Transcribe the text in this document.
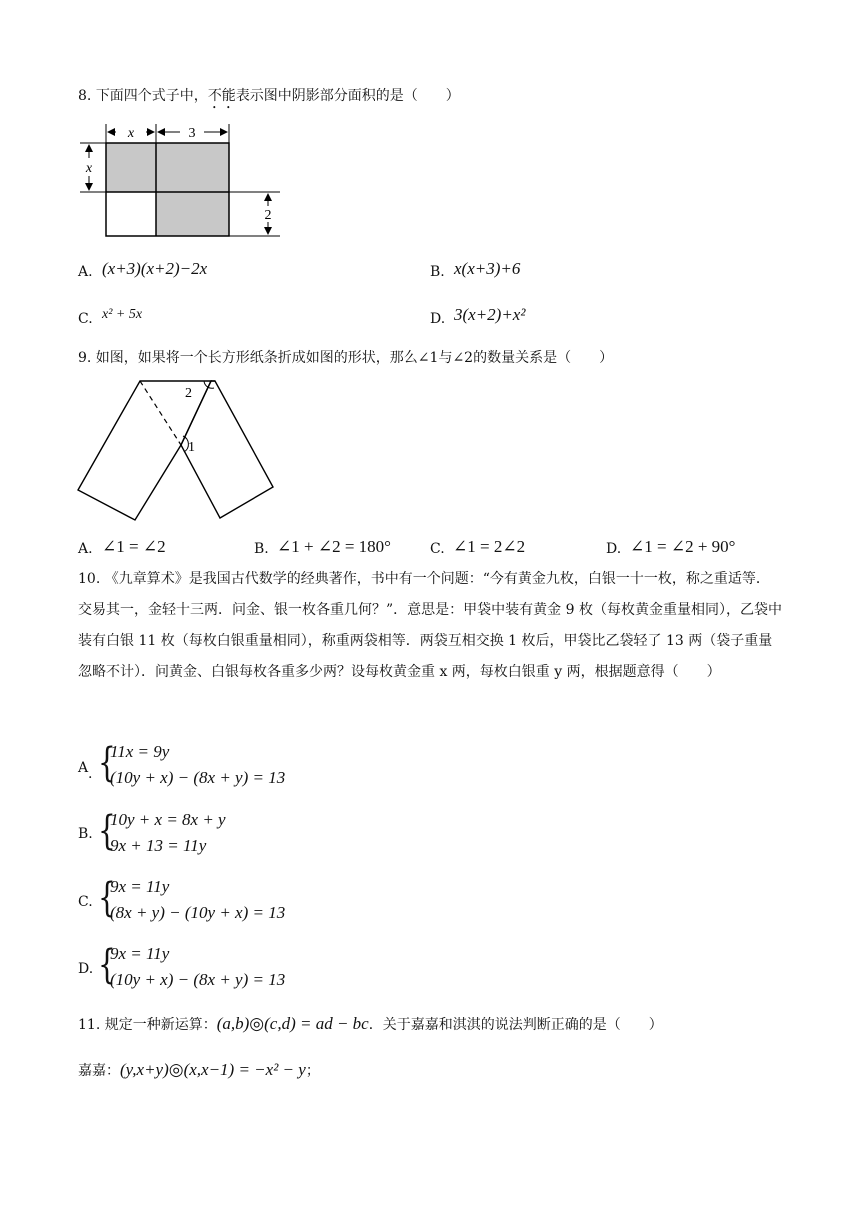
8. 下面四个式子中，不能表示图中阴影部分面积的是（　　）
x	3
x
2
A. (x+3)(x+2)−2x	B. x(x+3)+6
C. x² + 5x	D. 3(x+2)+x²
9. 如图，如果将一个长方形纸条折成如图的形状，那么∠1与∠2的数量关系是（　　）
2
1
A. ∠1 = ∠2	B. ∠1 + ∠2 = 180°	C. ∠1 = 2∠2	D. ∠1 = ∠2 + 90°
10. 《九章算术》是我国古代数学的经典著作，书中有一个问题：“今有黄金九枚，白银一十一枚，称之重适等．交易其一，金轻十三两．问金、银一枚各重几何？”．意思是：甲袋中装有黄金 9 枚（每枚黄金重量相同），乙袋中装有白银 11 枚（每枚白银重量相同），称重两袋相等．两袋互相交换 1 枚后，甲袋比乙袋轻了 13 两（袋子重量忽略不计）．问黄金、白银每枚各重多少两？设每枚黄金重 x 两，每枚白银重 y 两，根据题意得（　　）
A . {
11x = 9y
(10y + x) − (8x + y) = 13
B. {
10y + x = 8x + y
9x + 13 = 11y
C. {
9x = 11y
(8x + y) − (10y + x) = 13
D. {
9x = 11y
(10y + x) − (8x + y) = 13
11. 规定一种新运算：(a,b)◎(c,d) = ad − bc．关于嘉嘉和淇淇的说法判断正确的是（　　）
嘉嘉：(y,x+y)◎(x,x−1) = −x² − y；
